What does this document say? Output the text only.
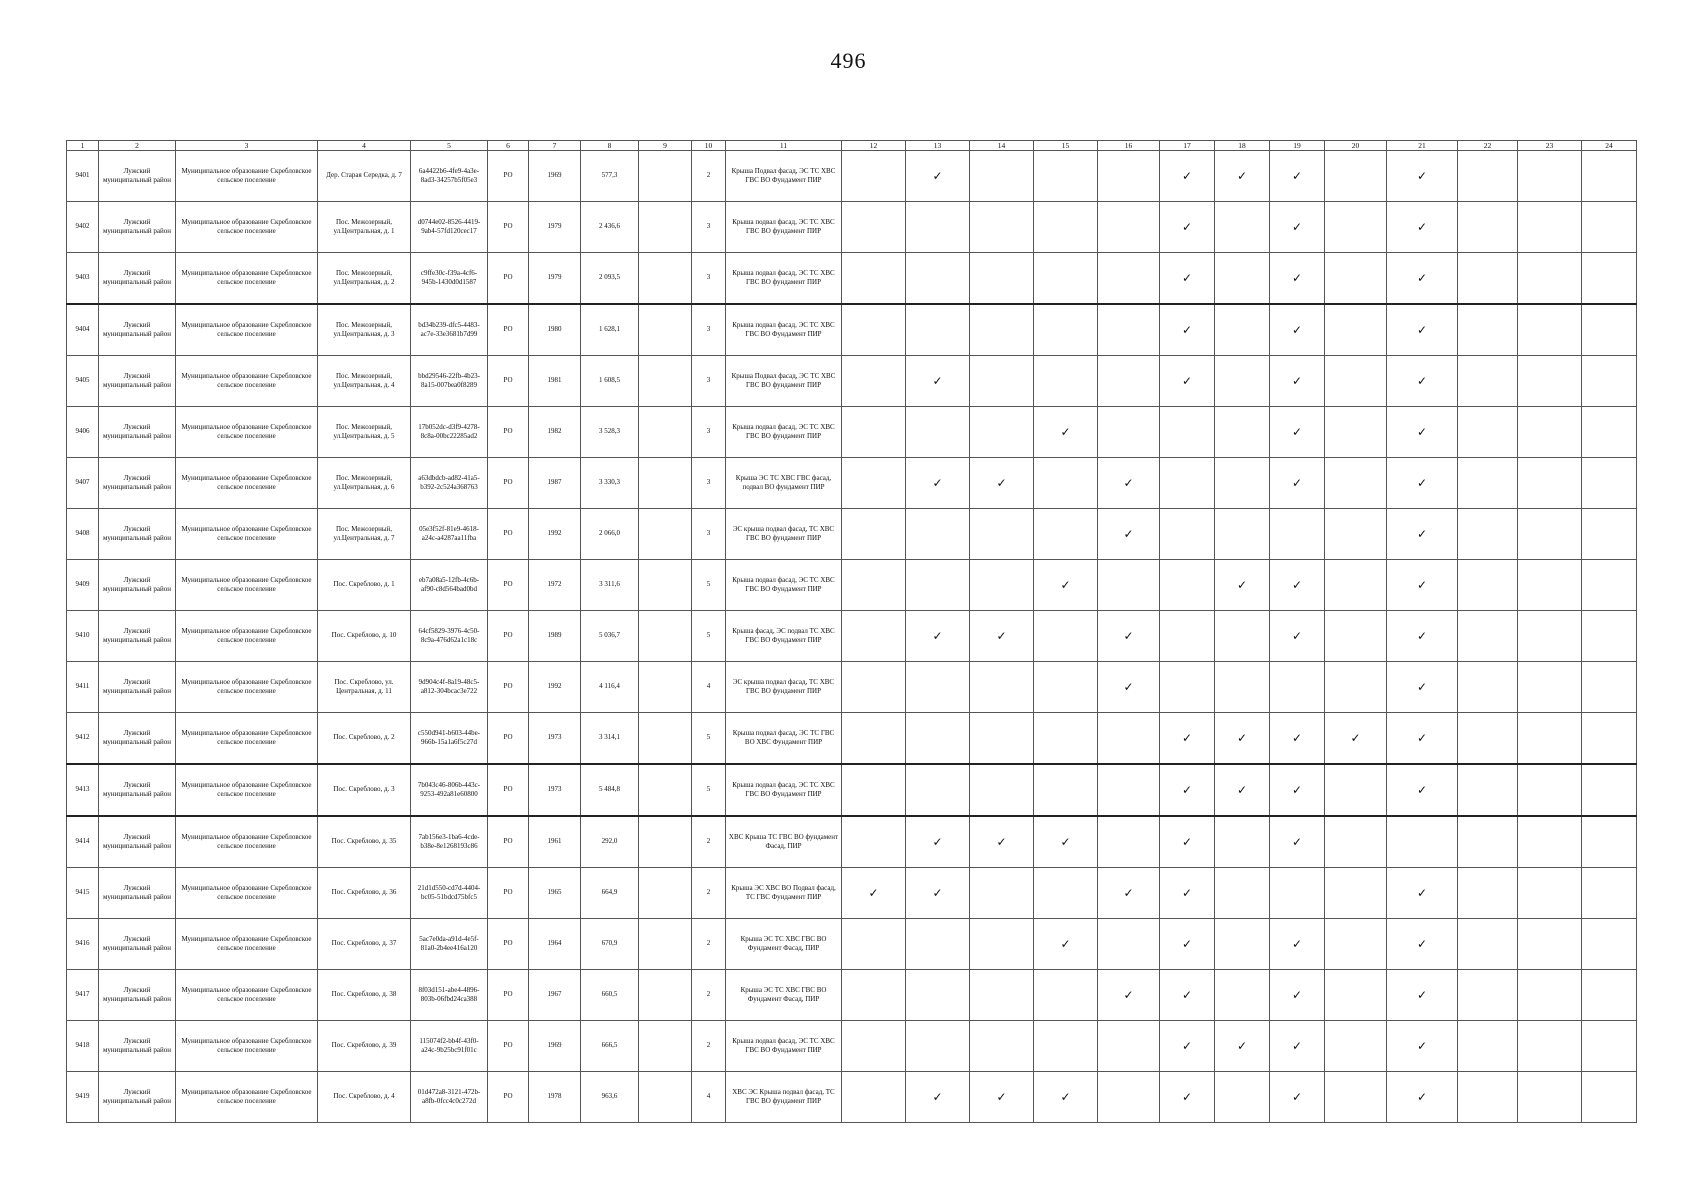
496
1	2	3	4	5	6	7	8	9	10	11	12	13	14	15	16	17	18	19	20	21	22	23	24
9401	Лужский муниципальный район	Муниципальное образование Скребловское сельское поселение	Дер. Старая Середка, д. 7	6a4422b6-4fe9-4a3e-8ad3-34257b5f05e3	РО	1969	577,3		2	Крыша Подвал фасад, ЭС ТС ХВС ГВС ВО Фундамент ПИР		✓				✓	✓	✓		✓			
9402	Лужский муниципальный район	Муниципальное образование Скребловское сельское поселение	Пос. Межозерный, ул.Центральная, д. 1	d0744e02-8526-4419-9ab4-57fd120cec17	РО	1979	2 436,6		3	Крыша подвал фасад, ЭС ТС ХВС ГВС ВО фундамент ПИР						✓		✓		✓			
9403	Лужский муниципальный район	Муниципальное образование Скребловское сельское поселение	Пос. Межозерный, ул.Центральная, д. 2	c9ffe30c-f39a-4cf6-945b-1430d0d1587	РО	1979	2 093,5		3	Крыша подвал фасад, ЭС ТС ХВС ГВС ВО фундамент ПИР						✓		✓		✓			
9404	Лужский муниципальный район	Муниципальное образование Скребловское сельское поселение	Пос. Межозерный, ул.Центральная, д. 3	bd34b239-dfc5-4483-ac7e-33e3681b7d99	РО	1980	1 628,1		3	Крыша подвал фасад, ЭС ТС ХВС ГВС ВО Фундамент ПИР						✓		✓		✓			
9405	Лужский муниципальный район	Муниципальное образование Скребловское сельское поселение	Пос. Межозерный, ул.Центральная, д. 4	bbd29546-22fb-4b23-8a15-007bea0f8289	РО	1981	1 608,5		3	Крыша Подвал фасад, ЭС ТС ХВС ГВС ВО фундамент ПИР		✓				✓		✓		✓			
9406	Лужский муниципальный район	Муниципальное образование Скребловское сельское поселение	Пос. Межозерный, ул.Центральная, д. 5	17b052dc-d3f9-4278-8c8a-00bc22285ad2	РО	1982	3 528,3		3	Крыша подвал фасад, ЭС ТС ХВС ГВС ВО фундамент ПИР				✓				✓		✓			
9407	Лужский муниципальный район	Муниципальное образование Скребловское сельское поселение	Пос. Межозерный, ул.Центральная, д. 6	a63dbdcb-ad82-41a5-b392-2c524a368763	РО	1987	3 330,3		3	Крыша ЭС ТС ХВС ГВС фасад, подвал ВО фундамент ПИР		✓	✓		✓			✓		✓			
9408	Лужский муниципальный район	Муниципальное образование Скребловское сельское поселение	Пос. Межозерный, ул.Центральная, д. 7	05e3f52f-81e9-4618-a24c-a4287aa11fba	РО	1992	2 066,0		3	ЭС крыша подвал фасад, ТС ХВС ГВС ВО фундамент ПИР					✓					✓			
9409	Лужский муниципальный район	Муниципальное образование Скребловское сельское поселение	Пос. Скреблово, д. 1	eb7a08a5-12fb-4c6b-af90-c8d564bad0bd	РО	1972	3 311,6		5	Крыша подвал фасад, ЭС ТС ХВС ГВС ВО Фундамент ПИР				✓			✓	✓		✓			
9410	Лужский муниципальный район	Муниципальное образование Скребловское сельское поселение	Пос. Скреблово, д. 10	64cf5829-3976-4c50-8c9a-476d62a1c18c	РО	1989	5 036,7		5	Крыша фасад, ЭС подвал ТС ХВС ГВС ВО Фундамент ПИР		✓	✓		✓			✓		✓			
9411	Лужский муниципальный район	Муниципальное образование Скребловское сельское поселение	Пос. Скреблово, ул. Центральная, д. 11	9d904c4f-8a19-48c5-a812-304bcac3e722	РО	1992	4 116,4		4	ЭС крыша подвал фасад, ТС ХВС ГВС ВО фундамент ПИР					✓					✓			
9412	Лужский муниципальный район	Муниципальное образование Скребловское сельское поселение	Пос. Скреблово, д. 2	c550d941-b603-44be-966b-15a1a6f5c27d	РО	1973	3 314,1		5	Крыша подвал фасад, ЭС ТС ГВС ВО ХВС Фундамент ПИР						✓	✓	✓	✓	✓			
9413	Лужский муниципальный район	Муниципальное образование Скребловское сельское поселение	Пос. Скреблово, д. 3	7b043c46-806b-443c-9253-492a81e60800	РО	1973	5 484,8		5	Крыша подвал фасад, ЭС ТС ХВС ГВС ВО Фундамент ПИР						✓	✓	✓		✓			
9414	Лужский муниципальный район	Муниципальное образование Скребловское сельское поселение	Пос. Скреблово, д. 35	7ab156e3-1ba6-4cde-b38e-8e1268193c86	РО	1961	292,0		2	ХВС Крыша ТС ГВС ВО фундамент Фасад, ПИР		✓	✓	✓		✓		✓					
9415	Лужский муниципальный район	Муниципальное образование Скребловское сельское поселение	Пос. Скреблово, д. 36	21d1d550-cd7d-4404-bc05-51bdcd75bfc5	РО	1965	664,9		2	Крыша ЭС ХВС ВО Подвал фасад, ТС ГВС Фундамент ПИР	✓	✓			✓	✓				✓			
9416	Лужский муниципальный район	Муниципальное образование Скребловское сельское поселение	Пос. Скреблово, д. 37	5ac7e0da-a91d-4e5f-81a0-2b4ee416a120	РО	1964	670,9		2	Крыша ЭС ТС ХВС ГВС ВО Фундамент Фасад, ПИР				✓		✓		✓		✓			
9417	Лужский муниципальный район	Муниципальное образование Скребловское сельское поселение	Пос. Скреблово, д. 38	8f03d151-abe4-4896-803b-06fbd24ca388	РО	1967	660,5		2	Крыша ЭС ТС ХВС ГВС ВО Фундамент Фасад, ПИР					✓	✓		✓		✓			
9418	Лужский муниципальный район	Муниципальное образование Скребловское сельское поселение	Пос. Скреблово, д. 39	115074f2-bb4f-43f0-a24c-9b25bc91f01c	РО	1969	666,5		2	Крыша подвал фасад, ЭС ТС ХВС ГВС ВО Фундамент ПИР						✓	✓	✓		✓			
9419	Лужский муниципальный район	Муниципальное образование Скребловское сельское поселение	Пос. Скреблово, д. 4	01d472a8-3121-472b-a8fb-0fcc4c0c272d	РО	1978	963,6		4	ХВС ЭС Крыша подвал фасад, ТС ГВС ВО фундамент ПИР		✓	✓	✓		✓		✓		✓			
